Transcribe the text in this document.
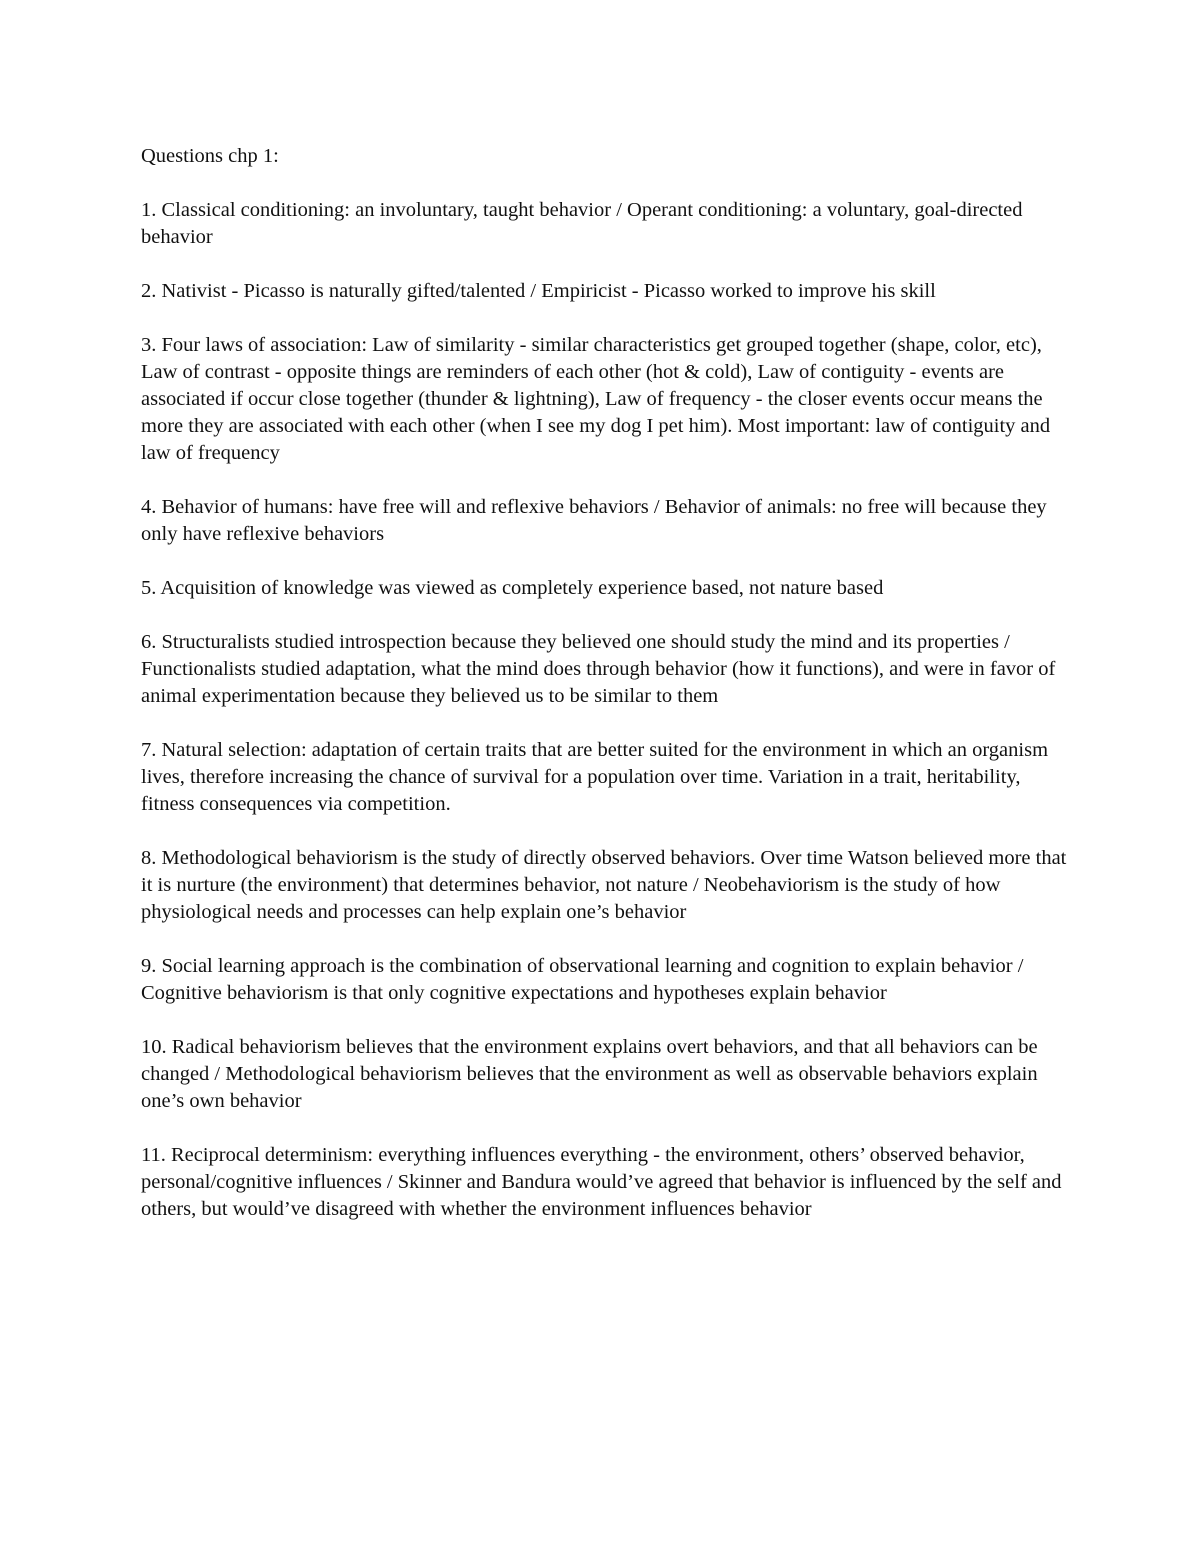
Questions chp 1:

1. Classical conditioning: an involuntary, taught behavior / Operant conditioning: a voluntary, goal-directed behavior
2. Nativist - Picasso is naturally gifted/talented / Empiricist - Picasso worked to improve his skill
3. Four laws of association: Law of similarity - similar characteristics get grouped together (shape, color, etc), Law of contrast - opposite things are reminders of each other (hot & cold), Law of contiguity - events are associated if occur close together (thunder & lightning), Law of frequency - the closer events occur means the more they are associated with each other (when I see my dog I pet him). Most important: law of contiguity and law of frequency
4. Behavior of humans: have free will and reflexive behaviors / Behavior of animals: no free will because they only have reflexive behaviors
5. Acquisition of knowledge was viewed as completely experience based, not nature based
6. Structuralists studied introspection because they believed one should study the mind and its properties / Functionalists studied adaptation, what the mind does through behavior (how it functions), and were in favor of animal experimentation because they believed us to be similar to them
7. Natural selection: adaptation of certain traits that are better suited for the environment in which an organism lives, therefore increasing the chance of survival for a population over time. Variation in a trait, heritability, fitness consequences via competition.
8. Methodological behaviorism is the study of directly observed behaviors. Over time Watson believed more that it is nurture (the environment) that determines behavior, not nature / Neobehaviorism is the study of how physiological needs and processes can help explain one’s behavior
9. Social learning approach is the combination of observational learning and cognition to explain behavior / Cognitive behaviorism is that only cognitive expectations and hypotheses explain behavior
10. Radical behaviorism believes that the environment explains overt behaviors, and that all behaviors can be changed / Methodological behaviorism believes that the environment as well as observable behaviors explain one’s own behavior
11. Reciprocal determinism: everything influences everything - the environment, others’ observed behavior, personal/cognitive influences / Skinner and Bandura would’ve agreed that behavior is influenced by the self and others, but would’ve disagreed with whether the environment influences behavior
